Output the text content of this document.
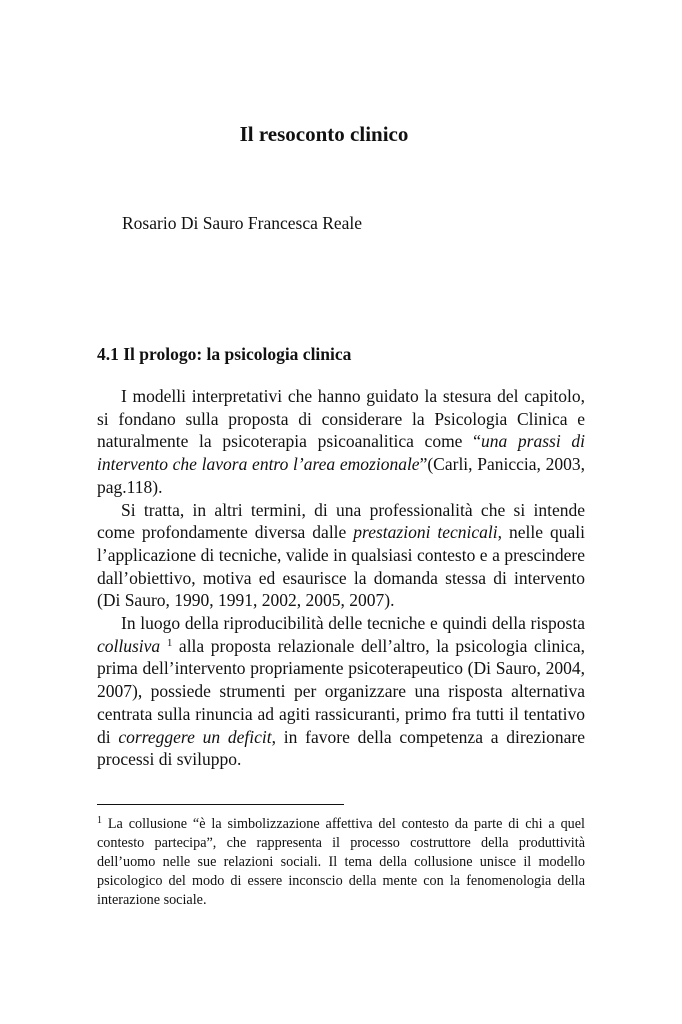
Il resoconto clinico

Rosario Di Sauro Francesca Reale

4.1 Il prologo: la psicologia clinica

I modelli interpretativi che hanno guidato la stesura del capitolo, si fondano sulla proposta di considerare la Psicologia Clinica e naturalmente la psicoterapia psicoanalitica come “una prassi di intervento che lavora entro l’area emozionale”(Carli, Paniccia, 2003, pag.118).

Si tratta, in altri termini, di una professionalità che si intende come profondamente diversa dalle prestazioni tecnicali, nelle quali l’applicazione di tecniche, valide in qualsiasi contesto e a prescindere dall’obiettivo, motiva ed esaurisce la domanda stessa di intervento (Di Sauro, 1990, 1991, 2002, 2005, 2007).

In luogo della riproducibilità delle tecniche e quindi della risposta collusiva $^1$ alla proposta relazionale dell’altro, la psicologia clinica, prima dell’intervento propriamente psicoterapeutico (Di Sauro, 2004, 2007), possiede strumenti per organizzare una risposta alternativa centrata sulla rinuncia ad agiti rassicuranti, primo fra tutti il tentativo di correggere un deficit, in favore della competenza a direzionare processi di sviluppo.

$^1$ La collusione “è la simbolizzazione affettiva del contesto da parte di chi a quel contesto partecipa”, che rappresenta il processo costruttore della produttività dell’uomo nelle sue relazioni sociali. Il tema della collusione unisce il modello psicologico del modo di essere inconscio della mente con la fenomenologia della interazione sociale.
